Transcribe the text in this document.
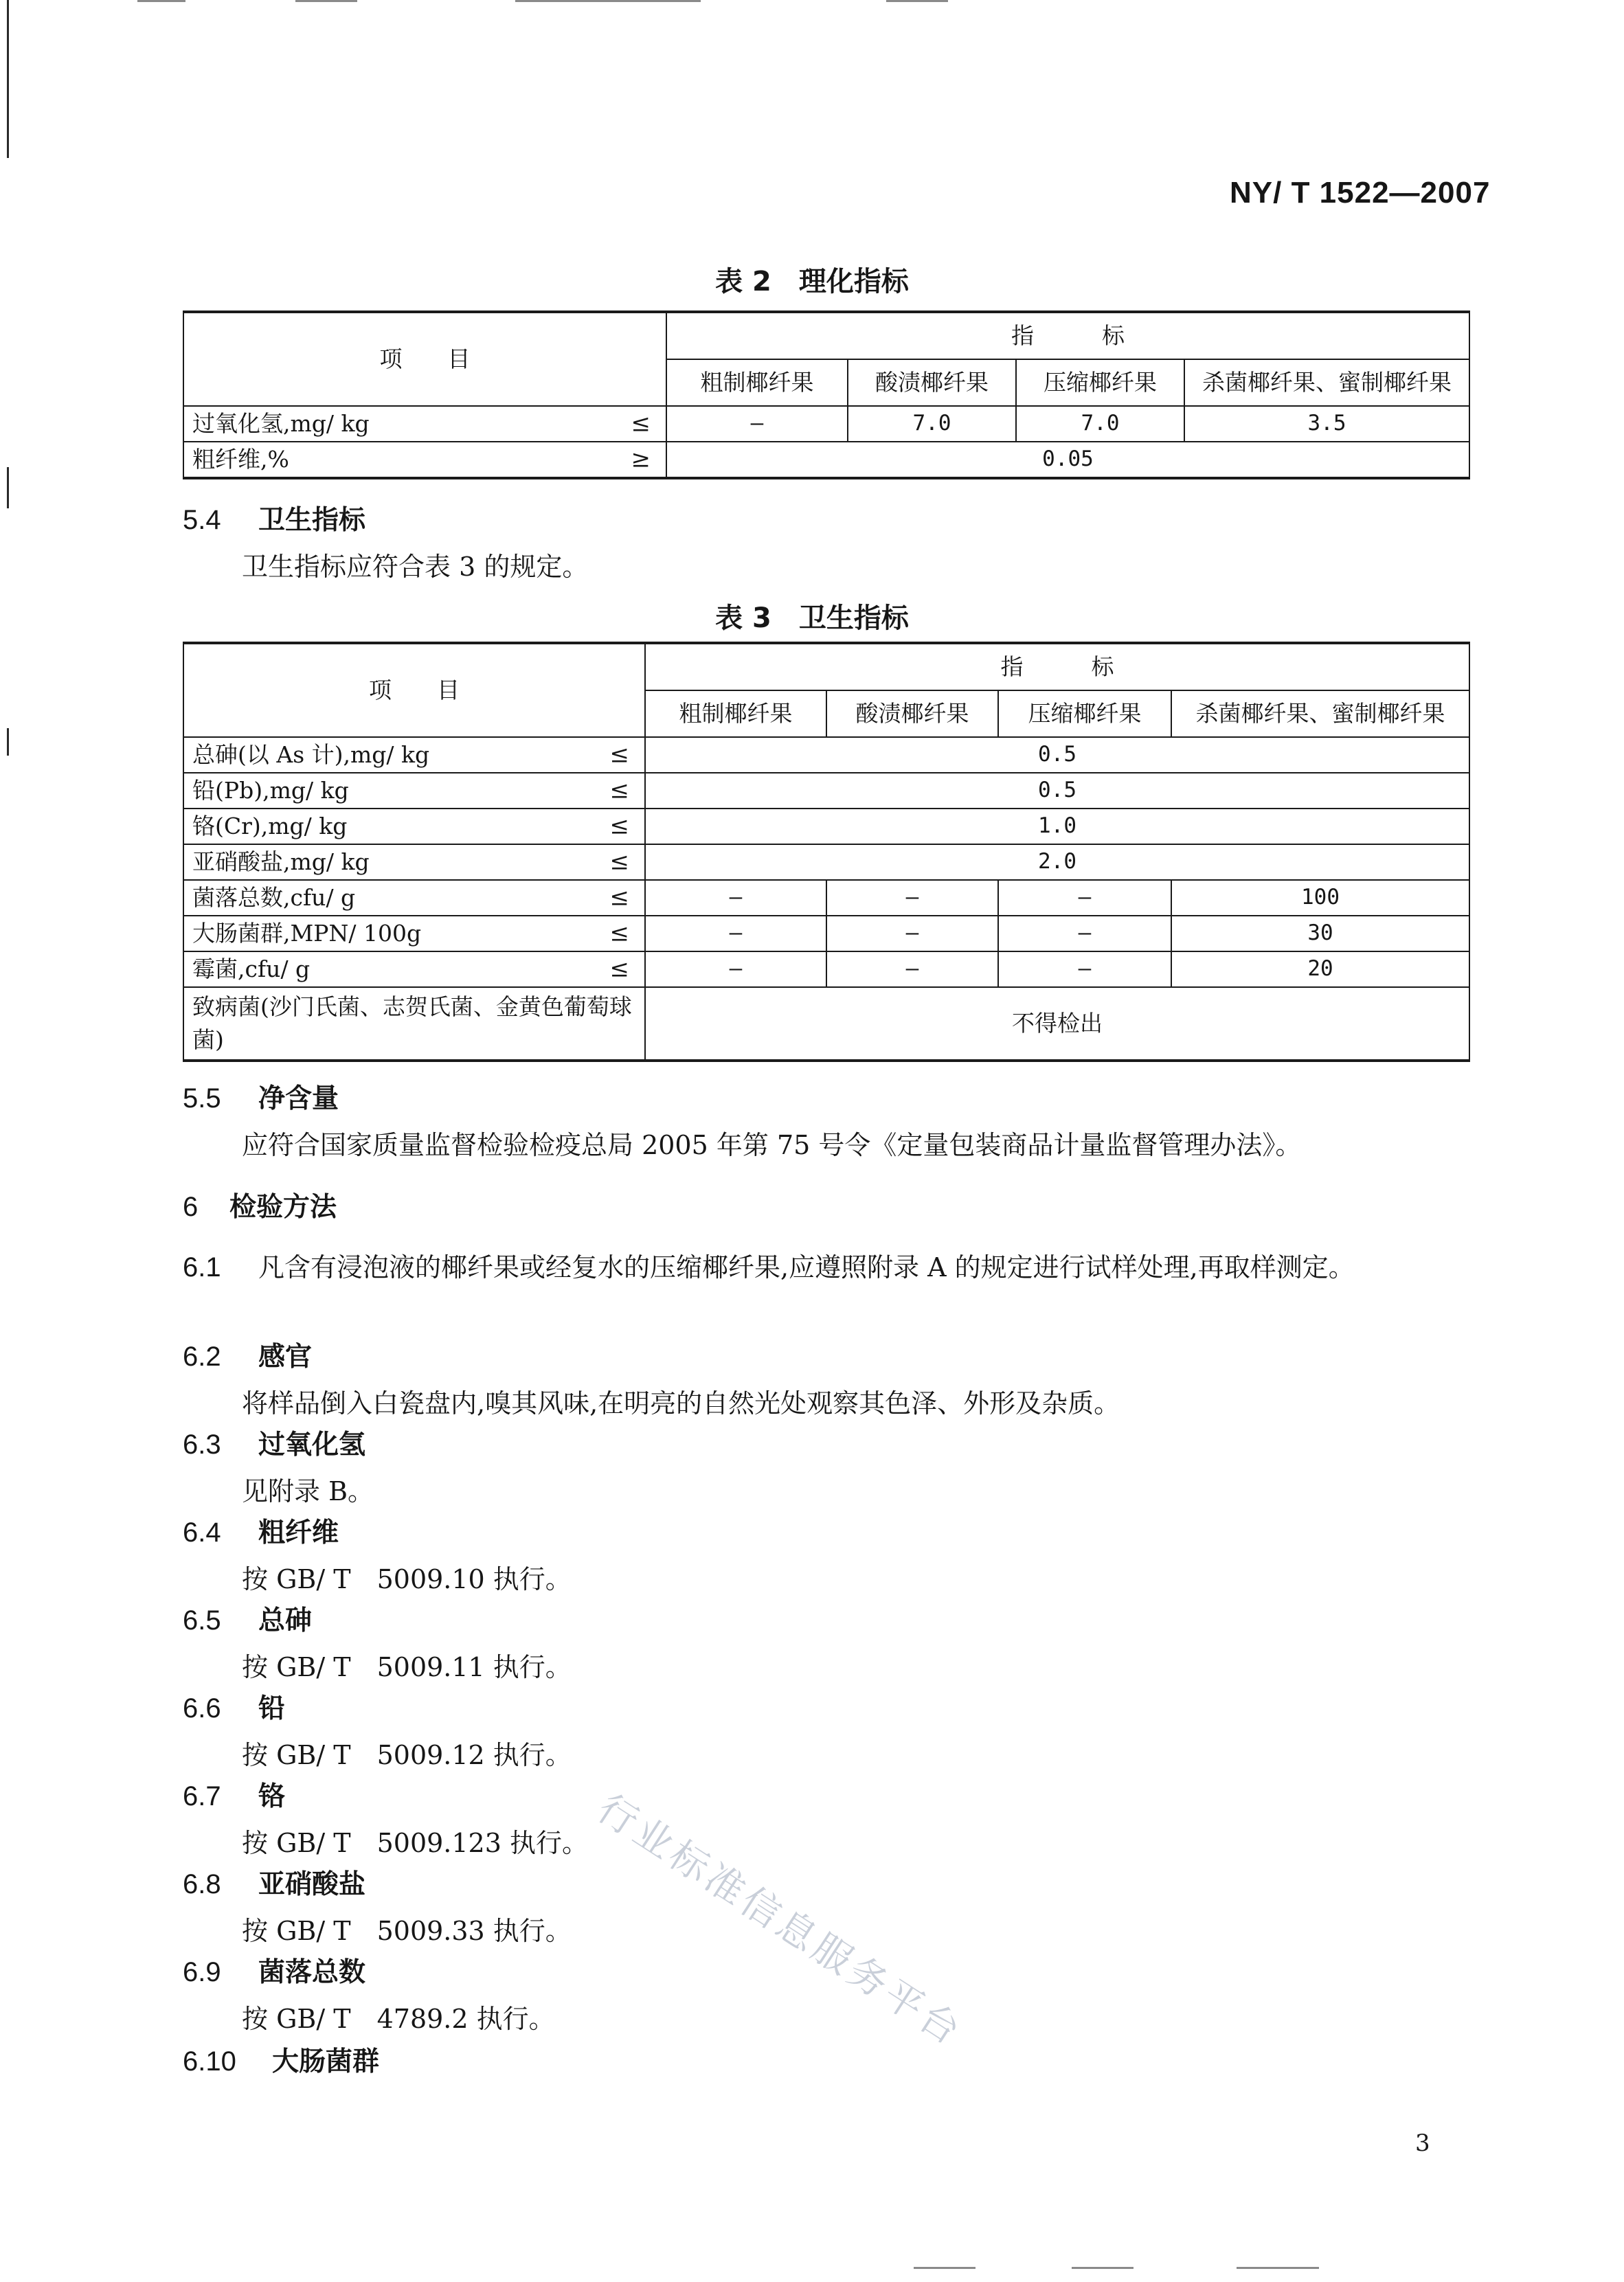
NY/ T 1522—2007
表 2　理化指标
项　　目	指　　　标			
	粗制椰纤果	酸渍椰纤果	压缩椰纤果	杀菌椰纤果、蜜制椰纤果
过氧化氢,mg/ kg ≤	—	7.0	7.0	3.5
粗纤维,% ≥	0.05			
5.4 卫生指标
卫生指标应符合表 3 的规定。
表 3　卫生指标
项　　目	指　　　标			
	粗制椰纤果	酸渍椰纤果	压缩椰纤果	杀菌椰纤果、蜜制椰纤果
总砷(以 As 计),mg/ kg ≤	0.5			
铅(Pb),mg/ kg ≤	0.5			
铬(Cr),mg/ kg ≤	1.0			
亚硝酸盐,mg/ kg ≤	2.0			
菌落总数,cfu/ g ≤	—	—	—	100
大肠菌群,MPN/ 100g ≤	—	—	—	30
霉菌,cfu/ g ≤	—	—	—	20
致病菌(沙门氏菌、志贺氏菌、金黄色葡萄球菌)	不得检出			
5.5 净含量
应符合国家质量监督检验检疫总局 2005 年第 75 号令《定量包装商品计量监督管理办法》。
6 检验方法
6.1 凡含有浸泡液的椰纤果或经复水的压缩椰纤果,应遵照附录 A 的规定进行试样处理,再取样测定。
6.2 感官
将样品倒入白瓷盘内,嗅其风味,在明亮的自然光处观察其色泽、外形及杂质。
6.3 过氧化氢
见附录 B。
6.4 粗纤维
按 GB/ T　5009.10 执行。
6.5 总砷
按 GB/ T　5009.11 执行。
6.6 铅
按 GB/ T　5009.12 执行。
6.7 铬
按 GB/ T　5009.123 执行。
6.8 亚硝酸盐
按 GB/ T　5009.33 执行。
6.9 菌落总数
按 GB/ T　4789.2 执行。
6.10 大肠菌群
行业标准信息服务平台
3
